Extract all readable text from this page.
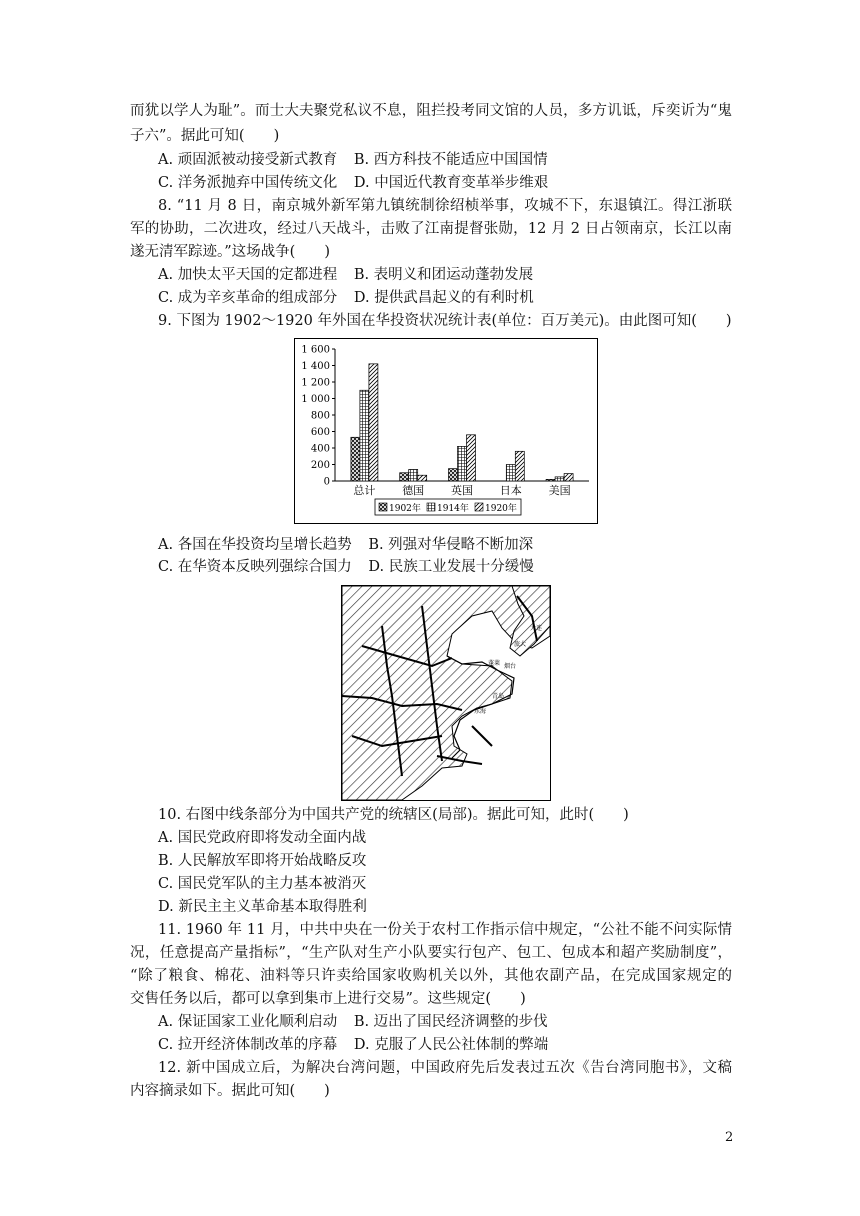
而犹以学人为耻”。而士大夫聚党私议不息，阻拦投考同文馆的人员，多方讥诋，斥奕䜣为“鬼
子六”。据此可知(　　)
A. 顽固派被动接受新式教育 B. 西方科技不能适应中国国情
C. 洋务派抛弃中国传统文化 D. 中国近代教育变革举步维艰
8. “11 月 8 日，南京城外新军第九镇统制徐绍桢举事，攻城不下，东退镇江。得江浙联
军的协助，二次进攻，经过八天战斗，击败了江南提督张勋，12 月 2 日占领南京，长江以南
遂无清军踪迹。”这场战争(　　)
A. 加快太平天国的定都进程 B. 表明义和团运动蓬勃发展
C. 成为辛亥革命的组成部分 D. 提供武昌起义的有利时机
9. 下图为 1902～1920 年外国在华投资状况统计表(单位：百万美元)。由此图可知(　　)
0
200
400
600
800
1 000
1 200
1 400
1 600
总计 德国 英国 日本 美国
1902年 1914年 1920年
A. 各国在华投资均呈增长趋势 B. 列强对华侵略不断加深
C. 在华资本反映列强综合国力 D. 民族工业发展十分缓慢
大连
旅大
蓬莱 烟台
青岛
东海
10. 右图中线条部分为中国共产党的统辖区(局部)。据此可知，此时(　　)
A. 国民党政府即将发动全面内战
B. 人民解放军即将开始战略反攻
C. 国民党军队的主力基本被消灭
D. 新民主主义革命基本取得胜利
11. 1960 年 11 月，中共中央在一份关于农村工作指示信中规定，“公社不能不问实际情
况，任意提高产量指标”，“生产队对生产小队要实行包产、包工、包成本和超产奖励制度”，
“除了粮食、棉花、油料等只许卖给国家收购机关以外，其他农副产品，在完成国家规定的
交售任务以后，都可以拿到集市上进行交易”。这些规定(　　)
A. 保证国家工业化顺利启动 B. 迈出了国民经济调整的步伐
C. 拉开经济体制改革的序幕 D. 克服了人民公社体制的弊端
12. 新中国成立后，为解决台湾问题，中国政府先后发表过五次《告台湾同胞书》，文稿
内容摘录如下。据此可知(　　)
2
